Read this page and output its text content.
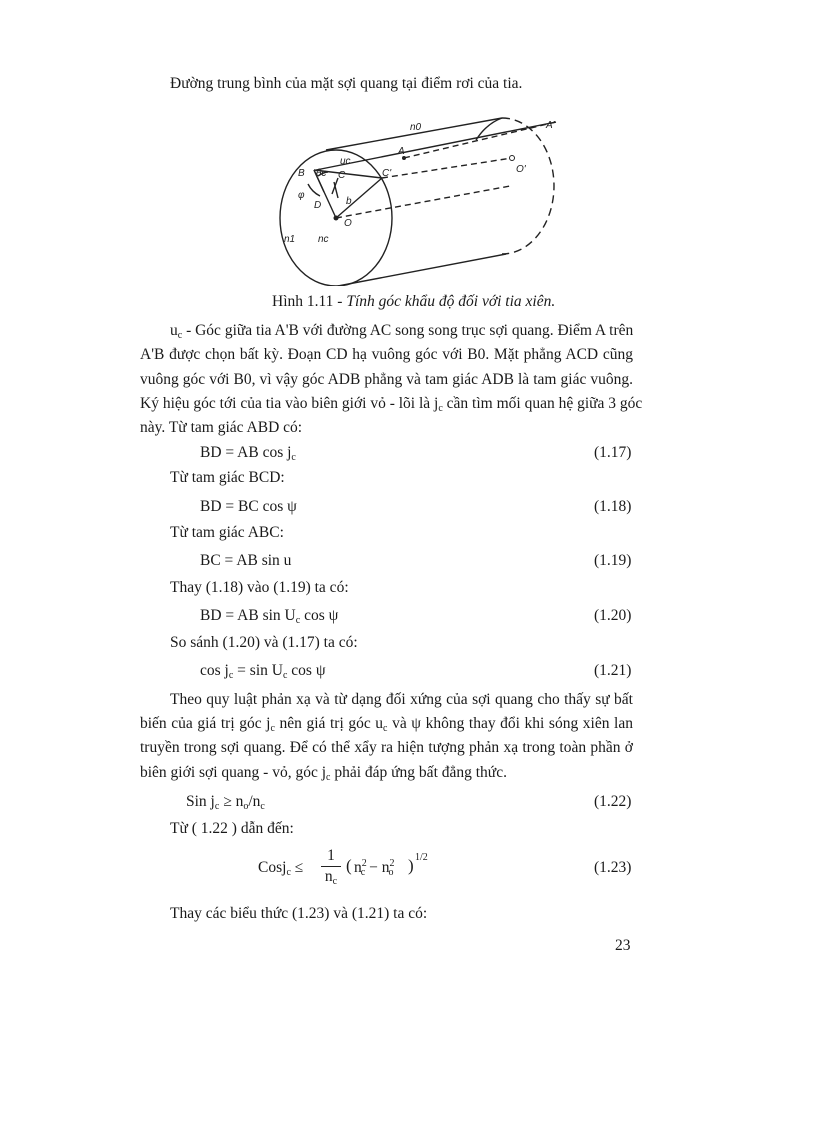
Đường trung bình của mặt sợi quang tại điểm rơi của tia.
n0	A'
A
O'
uc
B θc C	C'
φ
D b
O
n1 nc
Hình 1.11 - Tính góc khẩu độ đối với tia xiên.
$u_c$ - Góc giữa tia A'B với đường AC song song trục sợi quang. Điểm A trên
A'B được chọn bất kỳ. Đoạn CD hạ vuông góc với B0. Mặt phẳng ACD cũng
vuông góc với B0, vì vậy góc ADB phẳng và tam giác ADB là tam giác vuông.
Ký hiệu góc tới của tia vào biên giới vỏ - lõi là $j_c$ cần tìm mối quan hệ giữa 3 góc
này. Từ tam giác ABD có:
BD = AB $\cos j_c$	(1.17)
Từ tam giác BCD:
BD = BC cos ψ	(1.18)
Từ tam giác ABC:
BC = AB sin u	(1.19)
Thay (1.18) vào (1.19) ta có:
BD = AB $\sin U_c$ cos ψ	(1.20)
So sánh (1.20) và (1.17) ta có:
$\cos j_c = \sin U_c$ cos ψ	(1.21)
Theo quy luật phản xạ và từ dạng đối xứng của sợi quang cho thấy sự bất
biến của giá trị góc $j_c$ nên giá trị góc $u_c$ và ψ không thay đổi khi sóng xiên lan
truyền trong sợi quang. Để có thể xẩy ra hiện tượng phản xạ trong toàn phần ở
biên giới sợi quang - vỏ, góc $j_c$ phải đáp ứng bất đẳng thức.
Sin $j_c \ge n_o/n_c$	(1.22)
Từ ( 1.22 ) dẫn đến:
Cosj$_c$ ≤
1
$n_c$
( $n^2_c - n^2_o$ ) 1/2
(1.23)
Thay các biểu thức (1.23) và (1.21) ta có:
23
